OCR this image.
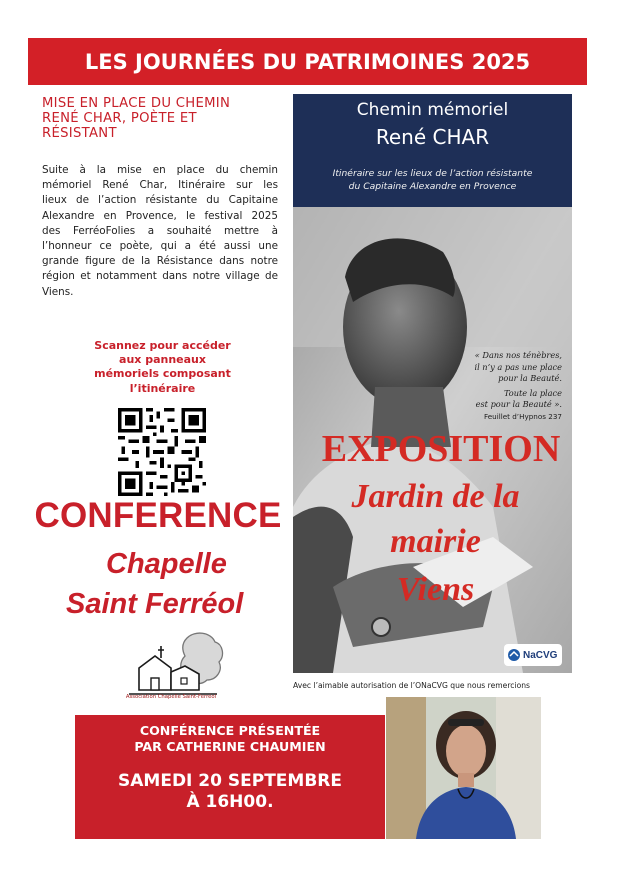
LES JOURNÉES DU PATRIMOINES 2025
MISE EN PLACE DU CHEMIN
RENÉ CHAR, POÈTE ET
RÉSISTANT
Suite à la mise en place du chemin
mémoriel René Char, Itinéraire sur les
lieux de l’action résistante du Capitaine
Alexandre en Provence, le festival 2025
des FerréoFolies a souhaité mettre à
l’honneur ce poète, qui a été aussi une
grande figure de la Résistance dans notre
région et notamment dans notre village de
Viens.
Scannez pour accéder
aux panneaux
mémoriels composant
l’itinéraire
CONFERENCE
Chapelle
Saint Ferréol
Association Chapelle Saint-Ferréol
Chemin mémoriel
René CHAR
Itinéraire sur les lieux de l’action résistante
du Capitaine Alexandre en Provence
« Dans nos ténèbres,
il n’y a pas une place
pour la Beauté.
Toute la place
est pour la Beauté ».
Feuillet d’Hypnos 237
EXPOSITION
Jardin de la
mairie
Viens
NaCVG
Avec l’aimable autorisation de l’ONaCVG que nous remercions
CONFÉRENCE PRÉSENTÉE
PAR CATHERINE CHAUMIEN
SAMEDI 20 SEPTEMBRE
À 16H00.
